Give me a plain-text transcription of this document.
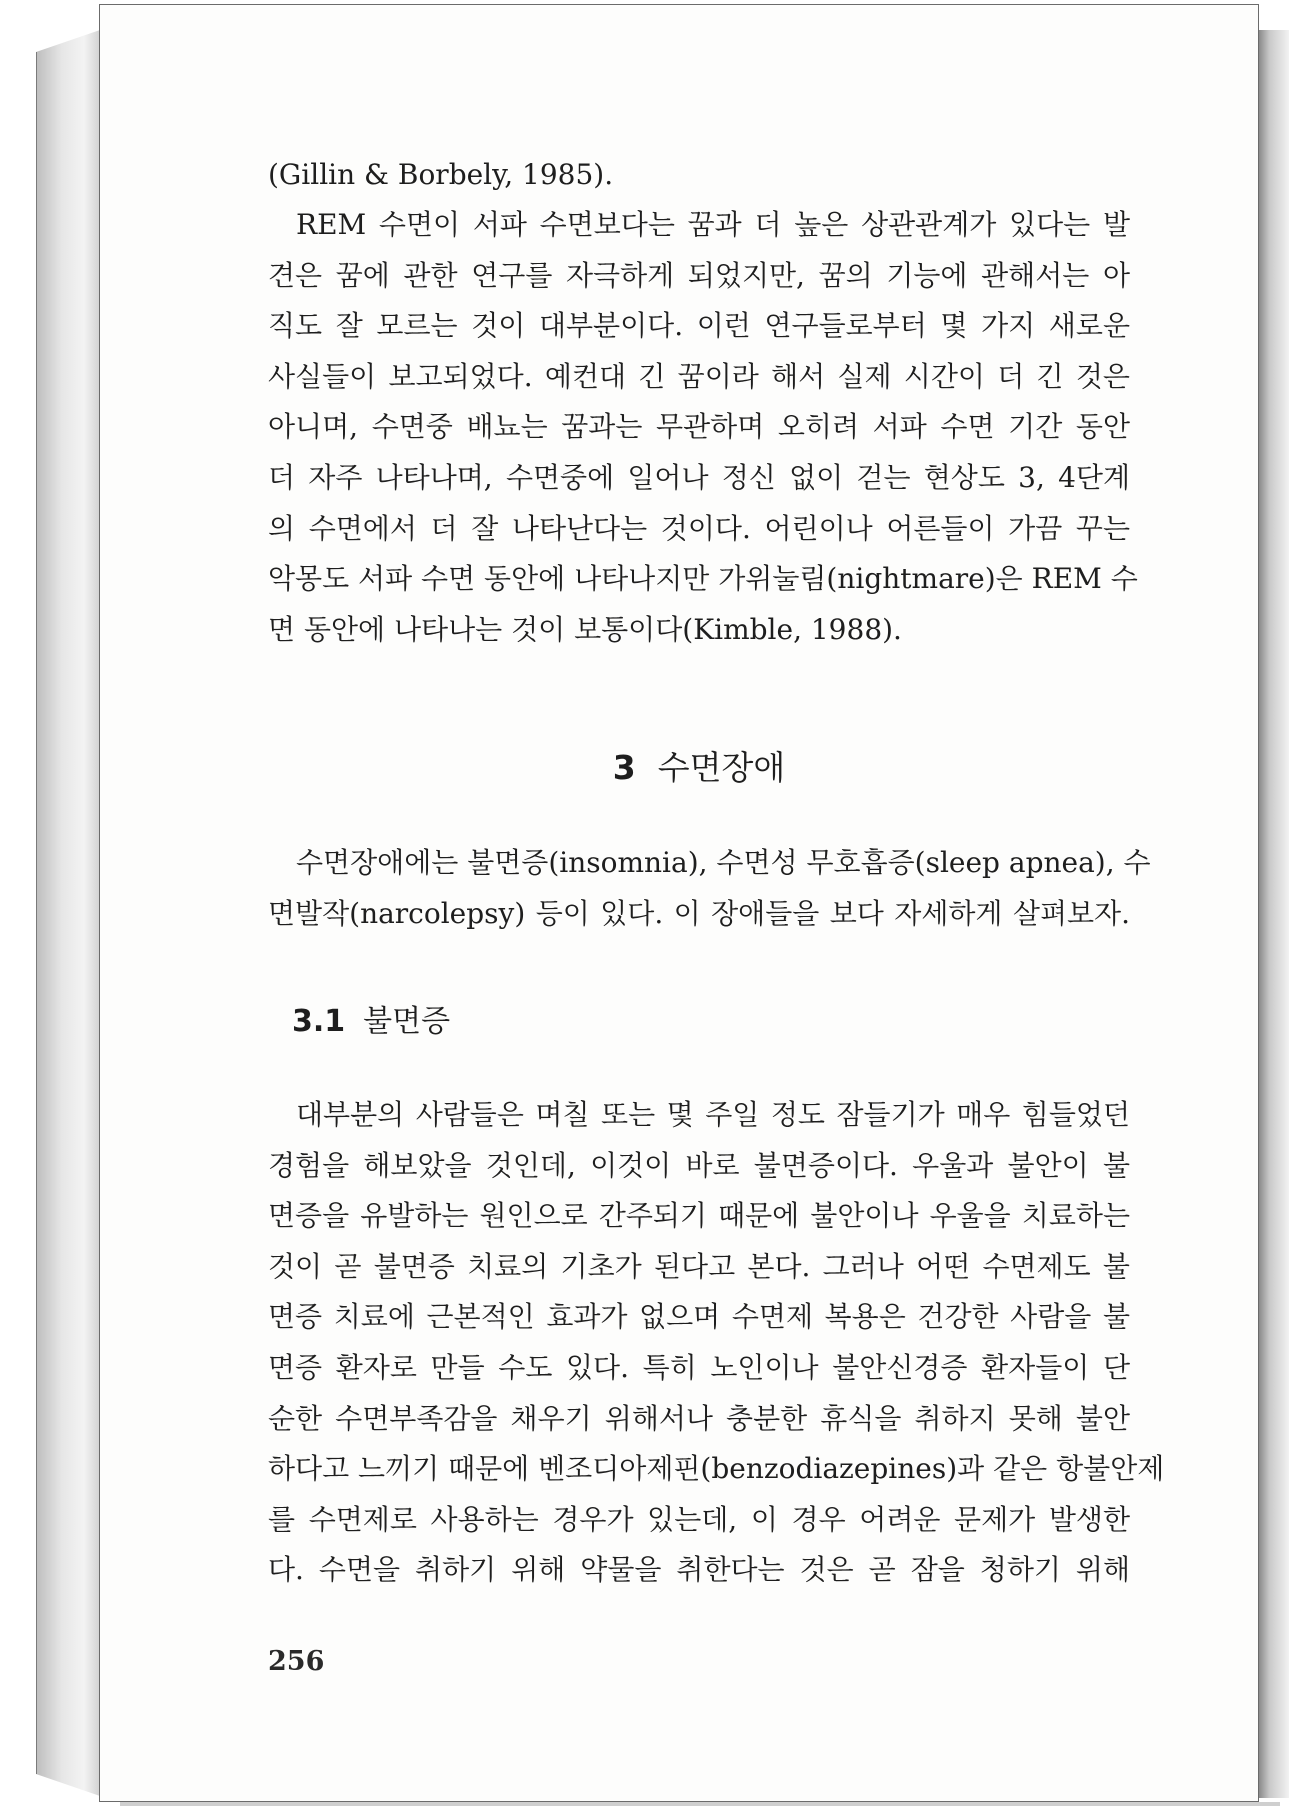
(Gillin & Borbely, 1985).

REM 수면이 서파 수면보다는 꿈과 더 높은 상관관계가 있다는 발
견은 꿈에 관한 연구를 자극하게 되었지만, 꿈의 기능에 관해서는 아
직도 잘 모르는 것이 대부분이다. 이런 연구들로부터 몇 가지 새로운
사실들이 보고되었다. 예컨대 긴 꿈이라 해서 실제 시간이 더 긴 것은
아니며, 수면중 배뇨는 꿈과는 무관하며 오히려 서파 수면 기간 동안
더 자주 나타나며, 수면중에 일어나 정신 없이 걷는 현상도 3, 4단계
의 수면에서 더 잘 나타난다는 것이다. 어린이나 어른들이 가끔 꾸는
악몽도 서파 수면 동안에 나타나지만 가위눌림(nightmare)은 REM 수
면 동안에 나타나는 것이 보통이다(Kimble, 1988).

3 수면장애

수면장애에는 불면증(insomnia), 수면성 무호흡증(sleep apnea), 수
면발작(narcolepsy) 등이 있다. 이 장애들을 보다 자세하게 살펴보자.

3.1 불면증

대부분의 사람들은 며칠 또는 몇 주일 정도 잠들기가 매우 힘들었던
경험을 해보았을 것인데, 이것이 바로 불면증이다. 우울과 불안이 불
면증을 유발하는 원인으로 간주되기 때문에 불안이나 우울을 치료하는
것이 곧 불면증 치료의 기초가 된다고 본다. 그러나 어떤 수면제도 불
면증 치료에 근본적인 효과가 없으며 수면제 복용은 건강한 사람을 불
면증 환자로 만들 수도 있다. 특히 노인이나 불안신경증 환자들이 단
순한 수면부족감을 채우기 위해서나 충분한 휴식을 취하지 못해 불안
하다고 느끼기 때문에 벤조디아제핀(benzodiazepines)과 같은 항불안제
를 수면제로 사용하는 경우가 있는데, 이 경우 어려운 문제가 발생한
다. 수면을 취하기 위해 약물을 취한다는 것은 곧 잠을 청하기 위해

256
